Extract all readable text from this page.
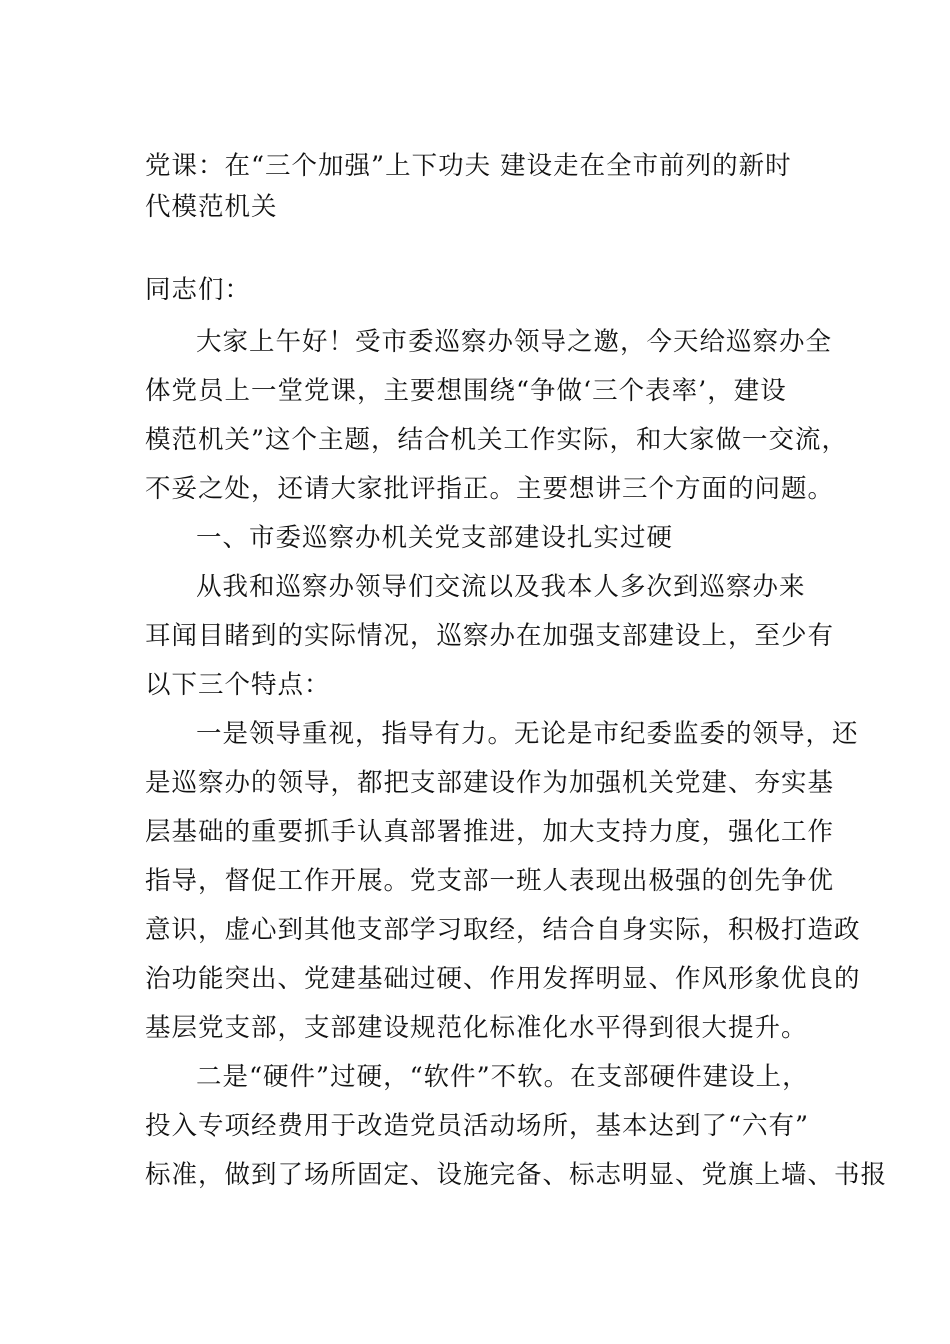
党课：在“三个加强”上下功夫 建设走在全市前列的新时
代模范机关

同志们：

大家上午好！受市委巡察办领导之邀，今天给巡察办全
体党员上一堂党课，主要想围绕“争做‘三个表率’，建设
模范机关”这个主题，结合机关工作实际，和大家做一交流，
不妥之处，还请大家批评指正。主要想讲三个方面的问题。

一、市委巡察办机关党支部建设扎实过硬

从我和巡察办领导们交流以及我本人多次到巡察办来
耳闻目睹到的实际情况，巡察办在加强支部建设上，至少有
以下三个特点：

一是领导重视，指导有力。无论是市纪委监委的领导，还
是巡察办的领导，都把支部建设作为加强机关党建、夯实基
层基础的重要抓手认真部署推进，加大支持力度，强化工作
指导，督促工作开展。党支部一班人表现出极强的创先争优
意识，虚心到其他支部学习取经，结合自身实际，积极打造政
治功能突出、党建基础过硬、作用发挥明显、作风形象优良的
基层党支部，支部建设规范化标准化水平得到很大提升。

二是“硬件”过硬，“软件”不软。在支部硬件建设上，
投入专项经费用于改造党员活动场所，基本达到了“六有”
标准，做到了场所固定、设施完备、标志明显、党旗上墙、书报
